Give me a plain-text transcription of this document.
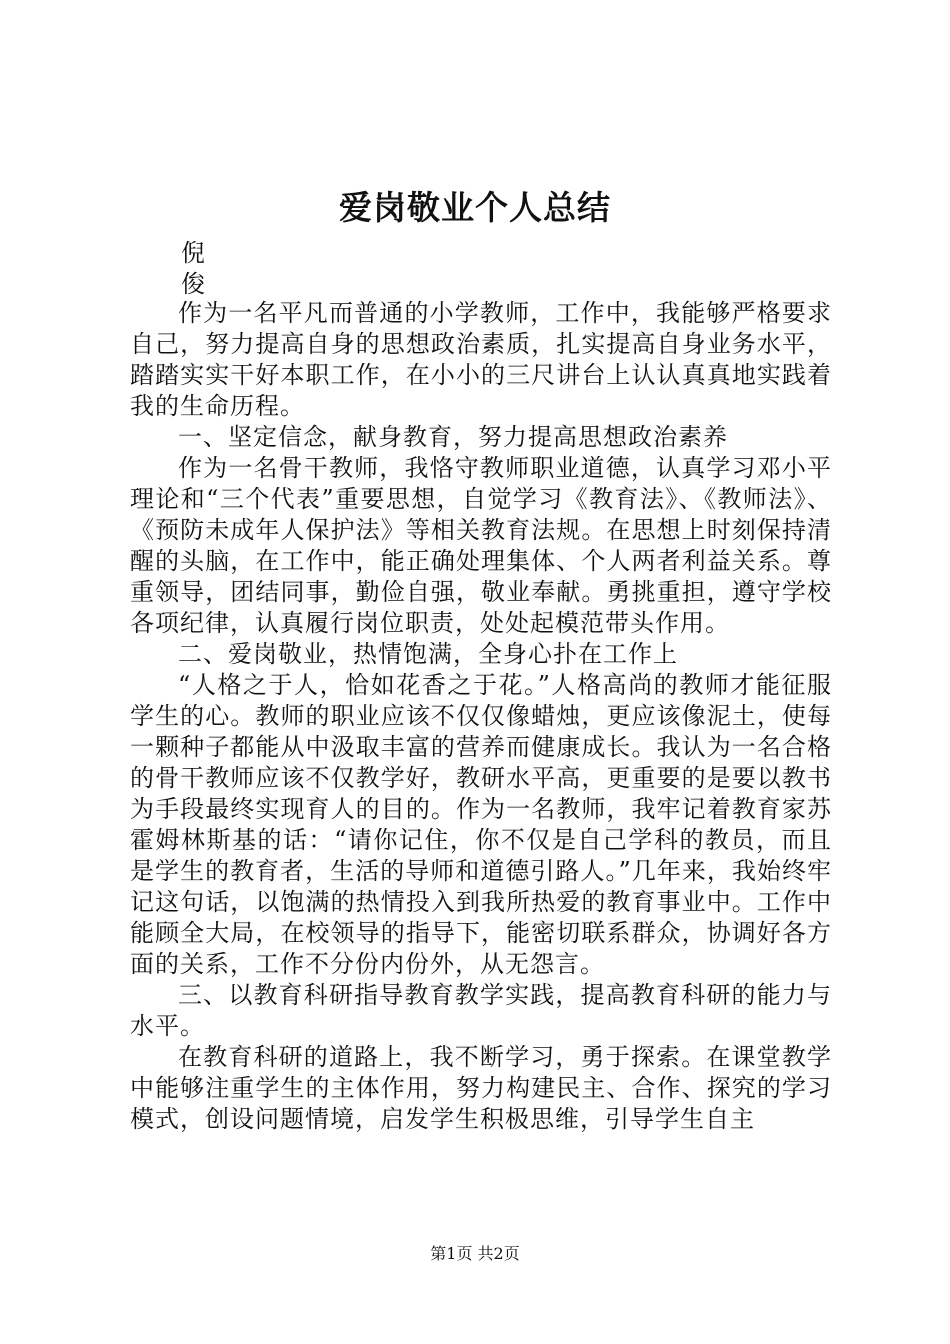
爱岗敬业个人总结
倪
俊

作为一名平凡而普通的小学教师，工作中，我能够严格要求自己，努力提高自身的思想政治素质，扎实提高自身业务水平，踏踏实实干好本职工作，在小小的三尺讲台上认认真真地实践着我的生命历程。

一、坚定信念，献身教育，努力提高思想政治素养

作为一名骨干教师，我恪守教师职业道德，认真学习邓小平理论和“三个代表”重要思想，自觉学习《教育法》、《教师法》、《预防未成年人保护法》等相关教育法规。在思想上时刻保持清醒的头脑，在工作中，能正确处理集体、个人两者利益关系。尊重领导，团结同事，勤俭自强，敬业奉献。勇挑重担，遵守学校各项纪律，认真履行岗位职责，处处起模范带头作用。

二、爱岗敬业，热情饱满，全身心扑在工作上

“人格之于人，恰如花香之于花。”人格高尚的教师才能征服学生的心。教师的职业应该不仅仅像蜡烛，更应该像泥土，使每一颗种子都能从中汲取丰富的营养而健康成长。我认为一名合格的骨干教师应该不仅教学好，教研水平高，更重要的是要以教书为手段最终实现育人的目的。作为一名教师，我牢记着教育家苏霍姆林斯基的话：“请你记住，你不仅是自己学科的教员，而且是学生的教育者，生活的导师和道德引路人。”几年来，我始终牢记这句话，以饱满的热情投入到我所热爱的教育事业中。工作中能顾全大局，在校领导的指导下，能密切联系群众，协调好各方面的关系，工作不分份内份外，从无怨言。

三、以教育科研指导教育教学实践，提高教育科研的能力与水平。

在教育科研的道路上，我不断学习，勇于探索。在课堂教学中能够注重学生的主体作用，努力构建民主、合作、探究的学习模式，创设问题情境，启发学生积极思维，引导学生自主

第1页 共2页
